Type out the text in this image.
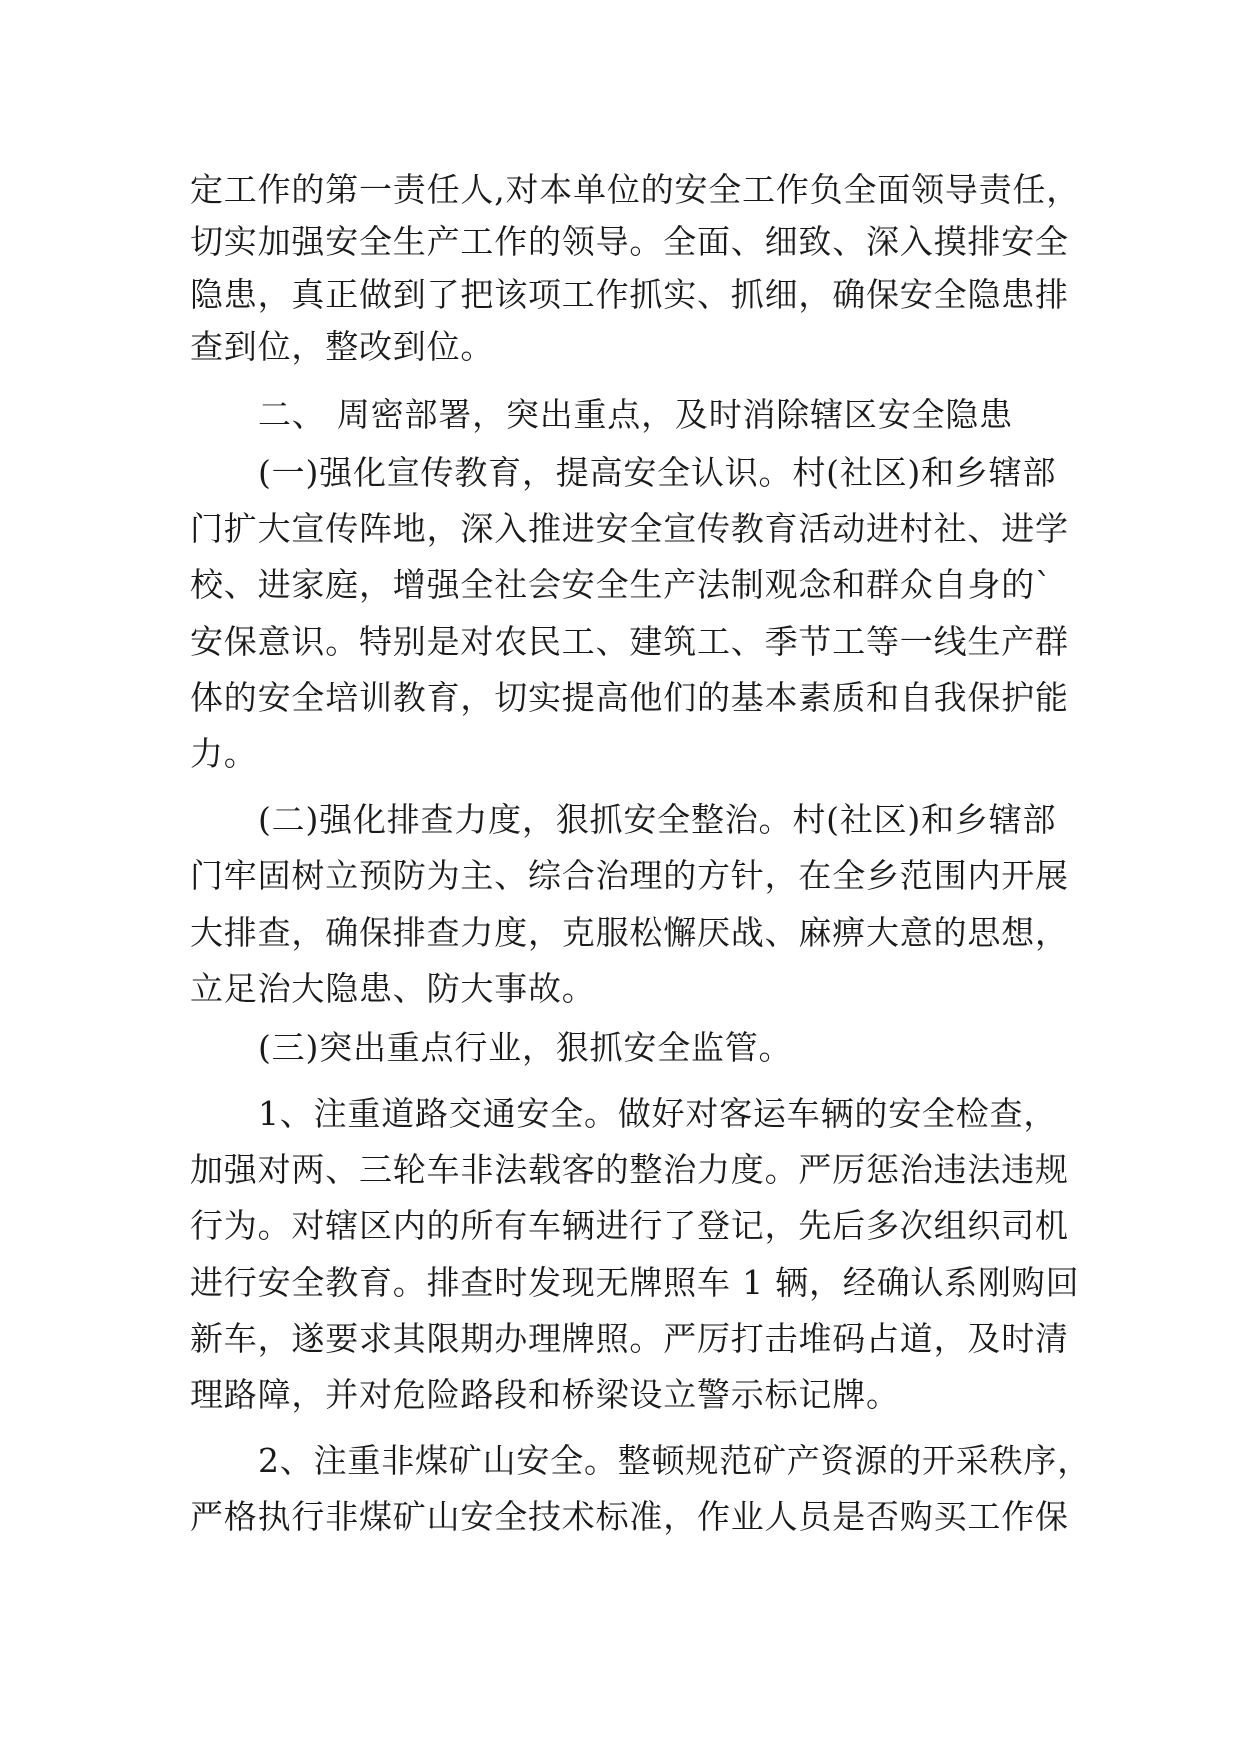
定工作的第一责任人,对本单位的安全工作负全面领导责任，
切实加强安全生产工作的领导。全面、细致、深入摸排安全
隐患，真正做到了把该项工作抓实、抓细，确保安全隐患排
查到位，整改到位。
二、 周密部署，突出重点，及时消除辖区安全隐患
(一)强化宣传教育，提高安全认识。村(社区)和乡辖部
门扩大宣传阵地，深入推进安全宣传教育活动进村社、进学
校、进家庭，增强全社会安全生产法制观念和群众自身的`
安保意识。特别是对农民工、建筑工、季节工等一线生产群
体的安全培训教育，切实提高他们的基本素质和自我保护能
力。
(二)强化排查力度，狠抓安全整治。村(社区)和乡辖部
门牢固树立预防为主、综合治理的方针，在全乡范围内开展
大排查，确保排查力度，克服松懈厌战、麻痹大意的思想，
立足治大隐患、防大事故。
(三)突出重点行业，狠抓安全监管。
1、注重道路交通安全。做好对客运车辆的安全检查，
加强对两、三轮车非法载客的整治力度。严厉惩治违法违规
行为。对辖区内的所有车辆进行了登记，先后多次组织司机
进行安全教育。排查时发现无牌照车 1 辆，经确认系刚购回
新车，遂要求其限期办理牌照。严厉打击堆码占道，及时清
理路障，并对危险路段和桥梁设立警示标记牌。
2、注重非煤矿山安全。整顿规范矿产资源的开采秩序，
严格执行非煤矿山安全技术标准，作业人员是否购买工作保
